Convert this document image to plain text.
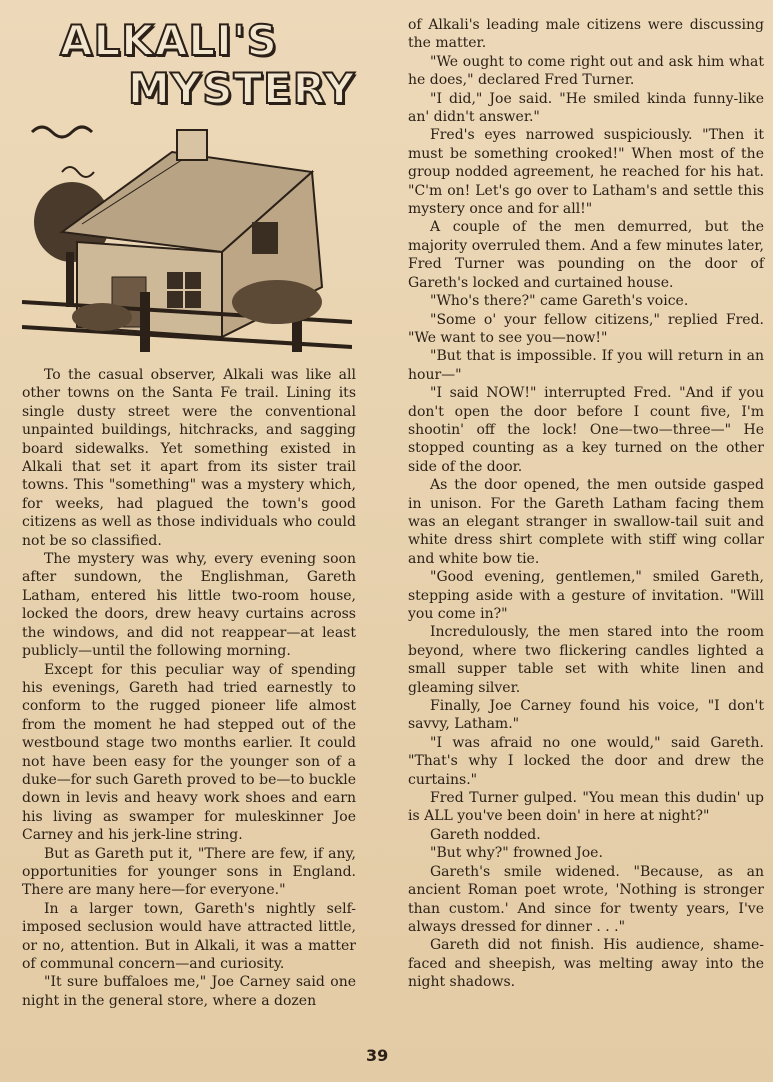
ALKALI'S
MYSTERY

To the casual observer, Alkali was like all other towns on the Santa Fe trail. Lining its single dusty street were the conventional unpainted buildings, hitchracks, and sagging board sidewalks. Yet something existed in Alkali that set it apart from its sister trail towns. This "something" was a mystery which, for weeks, had plagued the town's good citizens as well as those individuals who could not be so classified.

The mystery was why, every evening soon after sundown, the Englishman, Gareth Latham, entered his little two-room house, locked the doors, drew heavy curtains across the windows, and did not reappear—at least publicly—until the following morning.

Except for this peculiar way of spending his evenings, Gareth had tried earnestly to conform to the rugged pioneer life almost from the moment he had stepped out of the westbound stage two months earlier. It could not have been easy for the younger son of a duke—for such Gareth proved to be—to buckle down in levis and heavy work shoes and earn his living as swamper for muleskinner Joe Carney and his jerk-line string.

But as Gareth put it, "There are few, if any, opportunities for younger sons in England. There are many here—for everyone."

In a larger town, Gareth's nightly self-imposed seclusion would have attracted little, or no, attention. But in Alkali, it was a matter of communal concern—and curiosity.

"It sure buffaloes me," Joe Carney said one night in the general store, where a dozen

of Alkali's leading male citizens were discussing the matter.

"We ought to come right out and ask him what he does," declared Fred Turner.

"I did," Joe said. "He smiled kinda funny-like an' didn't answer."

Fred's eyes narrowed suspiciously. "Then it must be something crooked!" When most of the group nodded agreement, he reached for his hat. "C'm on! Let's go over to Latham's and settle this mystery once and for all!"

A couple of the men demurred, but the majority overruled them. And a few minutes later, Fred Turner was pounding on the door of Gareth's locked and curtained house.

"Who's there?" came Gareth's voice.

"Some o' your fellow citizens," replied Fred. "We want to see you—now!"

"But that is impossible. If you will return in an hour—"

"I said NOW!" interrupted Fred. "And if you don't open the door before I count five, I'm shootin' off the lock! One—two—three—" He stopped counting as a key turned on the other side of the door.

As the door opened, the men outside gasped in unison. For the Gareth Latham facing them was an elegant stranger in swallow-tail suit and white dress shirt complete with stiff wing collar and white bow tie.

"Good evening, gentlemen," smiled Gareth, stepping aside with a gesture of invitation. "Will you come in?"

Incredulously, the men stared into the room beyond, where two flickering candles lighted a small supper table set with white linen and gleaming silver.

Finally, Joe Carney found his voice, "I don't savvy, Latham."

"I was afraid no one would," said Gareth. "That's why I locked the door and drew the curtains."

Fred Turner gulped. "You mean this dudin' up is ALL you've been doin' in here at night?"

Gareth nodded.

"But why?" frowned Joe.

Gareth's smile widened. "Because, as an ancient Roman poet wrote, 'Nothing is stronger than custom.' And since for twenty years, I've always dressed for dinner . . ."

Gareth did not finish. His audience, shame-faced and sheepish, was melting away into the night shadows.

39
